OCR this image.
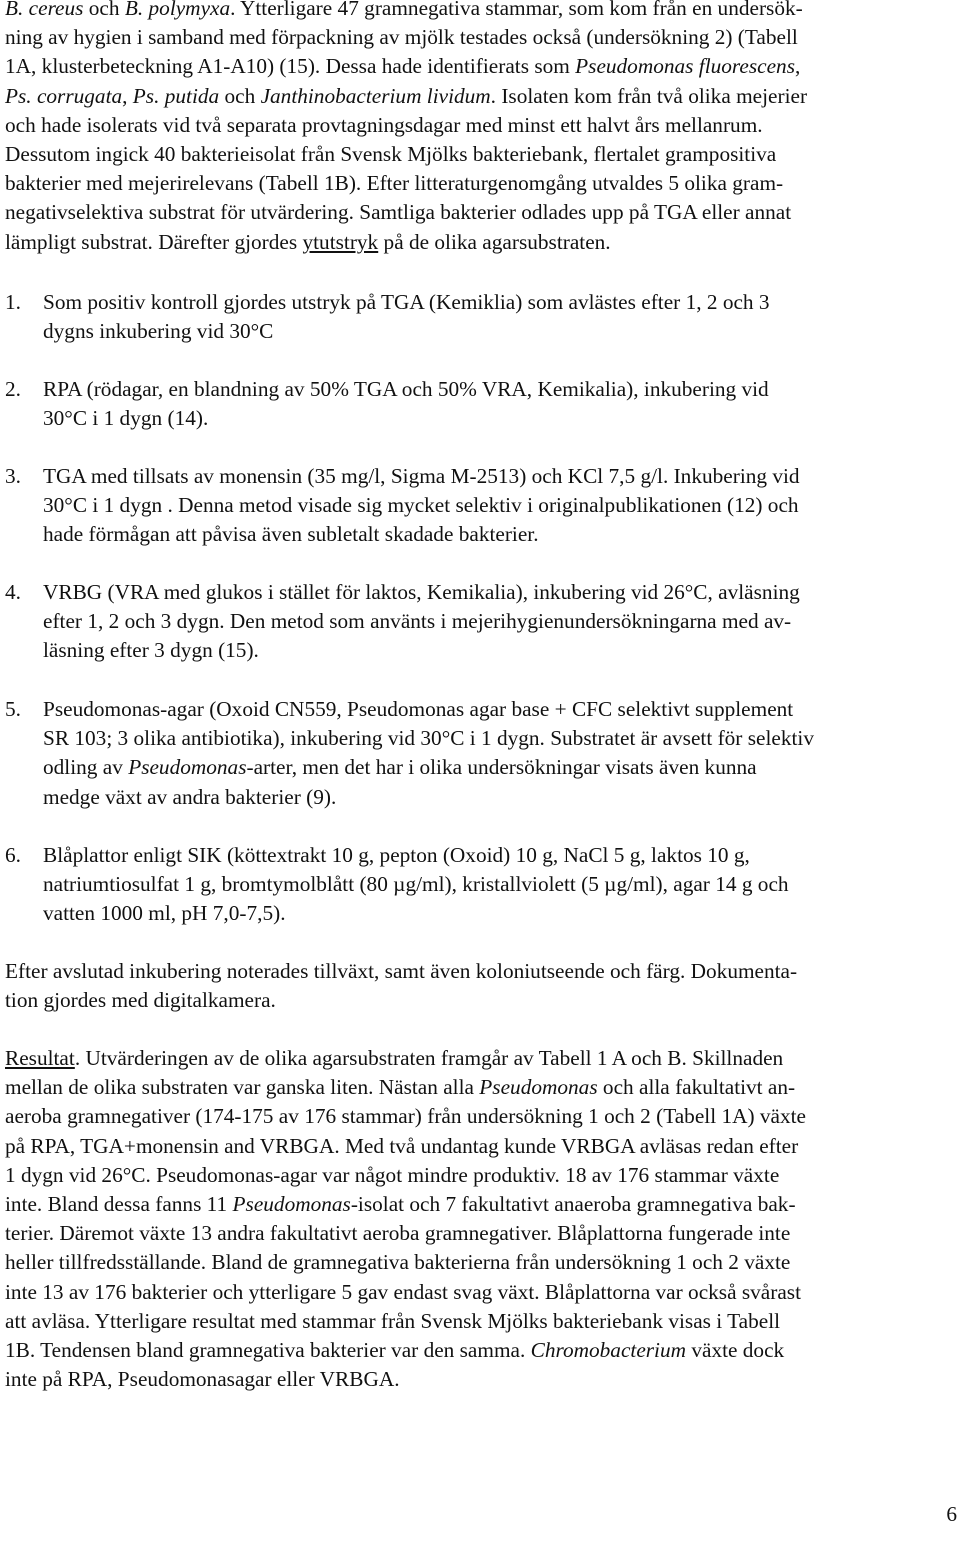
B. cereus och B. polymyxa. Ytterligare 47 gramnegativa stammar, som kom från en undersök-
ning av hygien i samband med förpackning av mjölk testades också (undersökning 2) (Tabell
1A, klusterbeteckning A1-A10) (15). Dessa hade identifierats som Pseudomonas fluorescens,
Ps. corrugata, Ps. putida och Janthinobacterium lividum. Isolaten kom från två olika mejerier
och hade isolerats vid två separata provtagningsdagar med minst ett halvt års mellanrum.
Dessutom ingick 40 bakterieisolat från Svensk Mjölks bakteriebank, flertalet grampositiva
bakterier med mejerirelevans (Tabell 1B). Efter litteraturgenomgång utvaldes 5 olika gram-
negativselektiva substrat för utvärdering. Samtliga bakterier odlades upp på TGA eller annat
lämpligt substrat. Därefter gjordes ytutstryk på de olika agarsubstraten.
1. Som positiv kontroll gjordes utstryk på TGA (Kemiklia) som avlästes efter 1, 2 och 3
dygns inkubering vid 30°C
2. RPA (rödagar, en blandning av 50% TGA och 50% VRA, Kemikalia), inkubering vid
30°C i 1 dygn (14).
3. TGA med tillsats av monensin (35 mg/l, Sigma M-2513) och KCl 7,5 g/l. Inkubering vid
30°C i 1 dygn . Denna metod visade sig mycket selektiv i originalpublikationen (12) och
hade förmågan att påvisa även subletalt skadade bakterier.
4. VRBG (VRA med glukos i stället för laktos, Kemikalia), inkubering vid 26°C, avläsning
efter 1, 2 och 3 dygn. Den metod som använts i mejerihygienundersökningarna med av-
läsning efter 3 dygn (15).
5. Pseudomonas-agar (Oxoid CN559, Pseudomonas agar base + CFC selektivt supplement
SR 103; 3 olika antibiotika), inkubering vid 30°C i 1 dygn. Substratet är avsett för selektiv
odling av Pseudomonas-arter, men det har i olika undersökningar visats även kunna
medge växt av andra bakterier (9).
6. Blåplattor enligt SIK (köttextrakt 10 g, pepton (Oxoid) 10 g, NaCl 5 g, laktos 10 g,
natriumtiosulfat 1 g, bromtymolblått (80 µg/ml), kristallviolett (5 µg/ml), agar 14 g och
vatten 1000 ml, pH 7,0-7,5).
Efter avslutad inkubering noterades tillväxt, samt även koloniutseende och färg. Dokumenta-
tion gjordes med digitalkamera.
Resultat. Utvärderingen av de olika agarsubstraten framgår av Tabell 1 A och B. Skillnaden
mellan de olika substraten var ganska liten. Nästan alla Pseudomonas och alla fakultativt an-
aeroba gramnegativer (174-175 av 176 stammar) från undersökning 1 och 2 (Tabell 1A) växte
på RPA, TGA+monensin and VRBGA. Med två undantag kunde VRBGA avläsas redan efter
1 dygn vid 26°C. Pseudomonas-agar var något mindre produktiv. 18 av 176 stammar växte
inte. Bland dessa fanns 11 Pseudomonas-isolat och 7 fakultativt anaeroba gramnegativa bak-
terier. Däremot växte 13 andra fakultativt aeroba gramnegativer. Blåplattorna fungerade inte
heller tillfredsställande. Bland de gramnegativa bakterierna från undersökning 1 och 2 växte
inte 13 av 176 bakterier och ytterligare 5 gav endast svag växt. Blåplattorna var också svårast
att avläsa. Ytterligare resultat med stammar från Svensk Mjölks bakteriebank visas i Tabell
1B. Tendensen bland gramnegativa bakterier var den samma. Chromobacterium växte dock
inte på RPA, Pseudomonasagar eller VRBGA.
6
